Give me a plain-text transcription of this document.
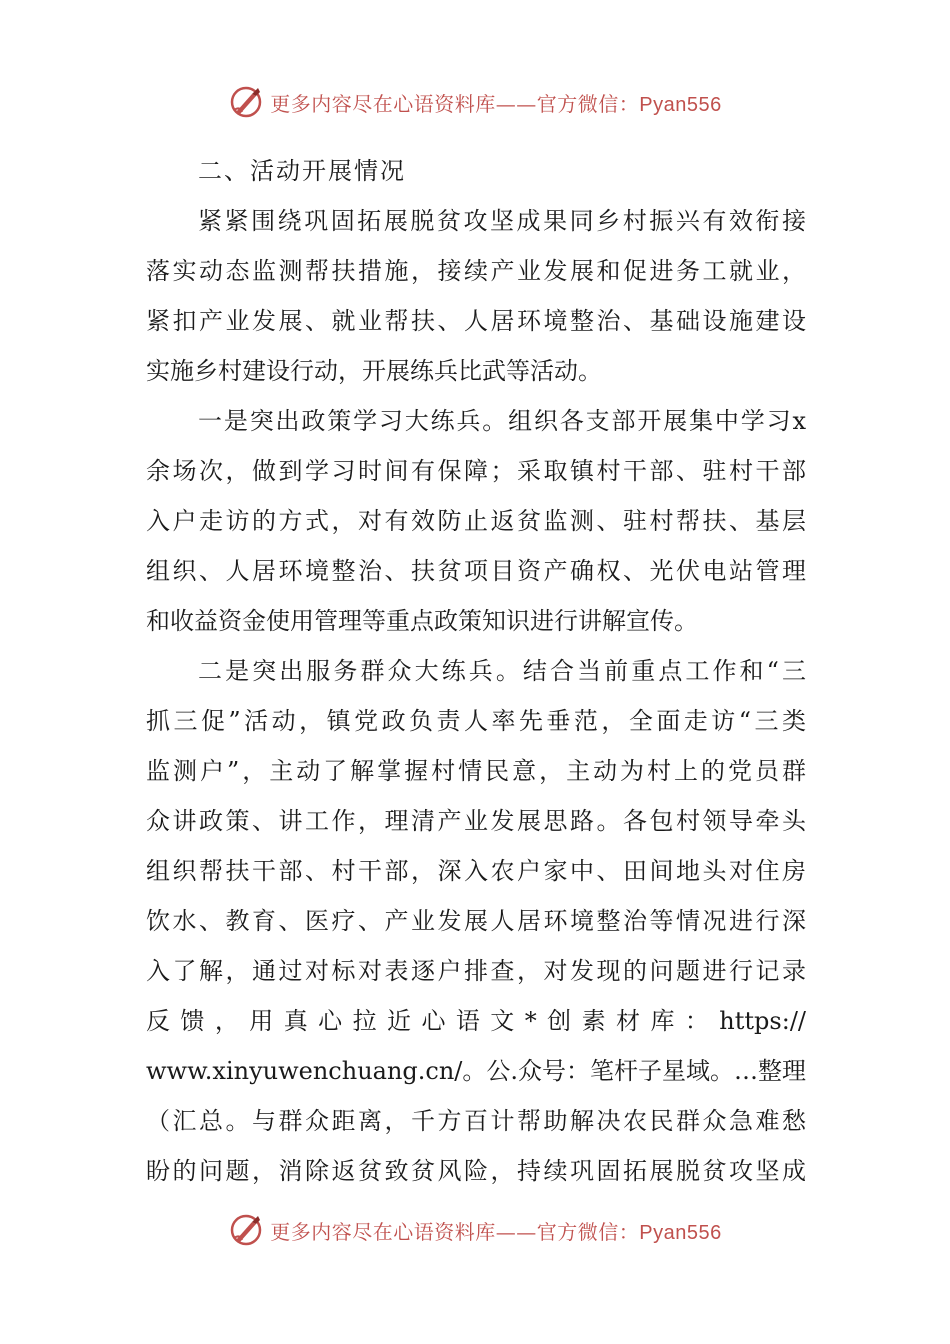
更多内容尽在心语资料库——官方微信：Pyan556

二、活动开展情况

紧紧围绕巩固拓展脱贫攻坚成果同乡村振兴有效衔接

落实动态监测帮扶措施，接续产业发展和促进务工就业，

紧扣产业发展、就业帮扶、人居环境整治、基础设施建设

实施乡村建设行动，开展练兵比武等活动。

一是突出政策学习大练兵。组织各支部开展集中学习x

余场次，做到学习时间有保障；采取镇村干部、驻村干部

入户走访的方式，对有效防止返贫监测、驻村帮扶、基层

组织、人居环境整治、扶贫项目资产确权、光伏电站管理

和收益资金使用管理等重点政策知识进行讲解宣传。

二是突出服务群众大练兵。结合当前重点工作和“三

抓三促”活动，镇党政负责人率先垂范，全面走访“三类

监测户”，主动了解掌握村情民意，主动为村上的党员群

众讲政策、讲工作，理清产业发展思路。各包村领导牵头

组织帮扶干部、村干部，深入农户家中、田间地头对住房

饮水、教育、医疗、产业发展人居环境整治等情况进行深

入了解，通过对标对表逐户排查，对发现的问题进行记录

反馈，用真心拉近心语文*创素材库：https://

www.xinyuwenchuang.cn/。公.众号：笔杆子星域。…整理

（汇总。与群众距离，千方百计帮助解决农民群众急难愁

盼的问题，消除返贫致贫风险，持续巩固拓展脱贫攻坚成

更多内容尽在心语资料库——官方微信：Pyan556
